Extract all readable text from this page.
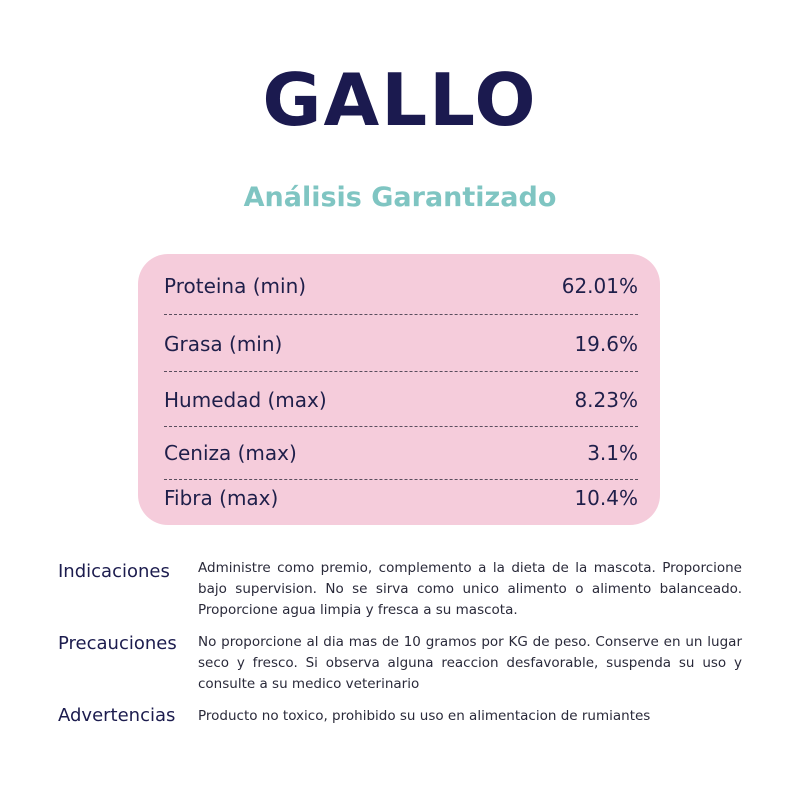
GALLO
Análisis Garantizado
Proteina (min)	62.01%
Grasa (min)	19.6%
Humedad (max)	8.23%
Ceniza (max)	3.1%
Fibra (max)	10.4%
Indicaciones	Administre como premio, complemento a la dieta de la mascota. Proporcione bajo supervision. No se sirva como unico alimento o alimento balanceado. Proporcione agua limpia y fresca a su mascota.
Precauciones	No proporcione al dia mas de 10 gramos por KG de peso. Conserve en un lugar seco y fresco. Si observa alguna reaccion desfavorable, suspenda su uso y consulte a su medico veterinario
Advertencias	Producto no toxico, prohibido su uso en alimentacion de rumiantes
